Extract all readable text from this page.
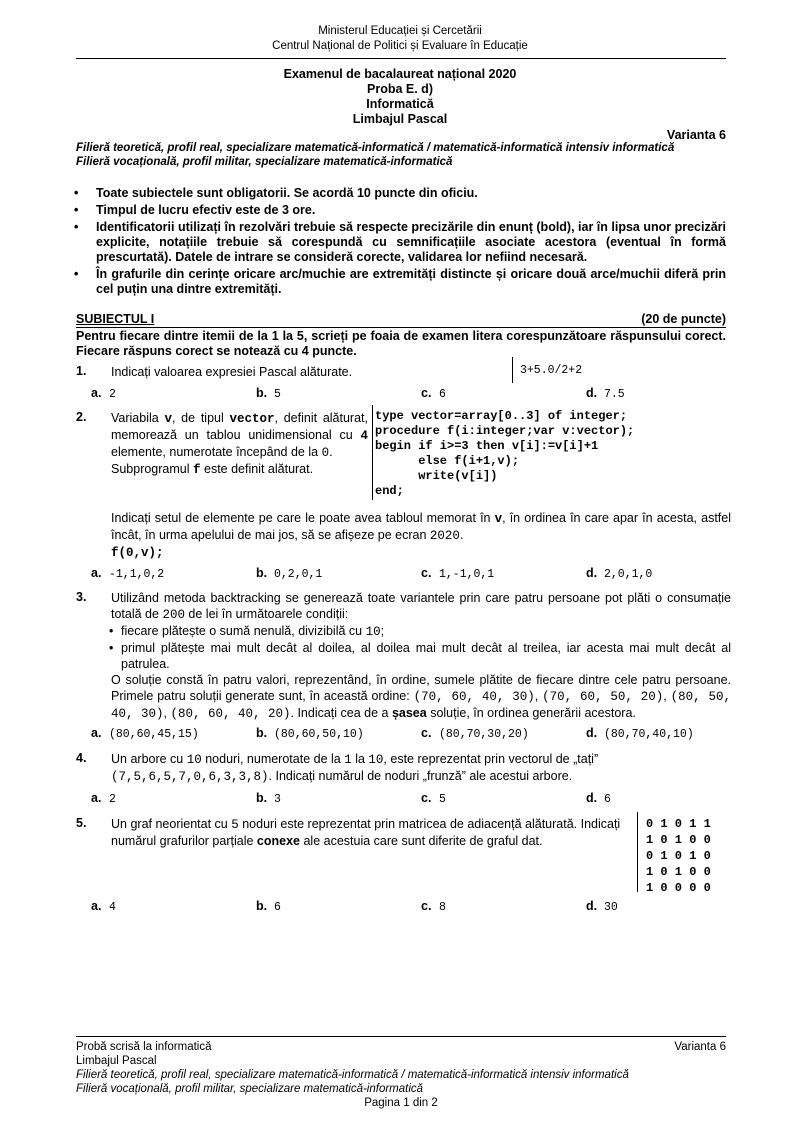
Ministerul Educației și Cercetării
Centrul Național de Politici și Evaluare în Educație
Examenul de bacalaureat național 2020
Proba E. d)
Informatică
Limbajul Pascal
Varianta 6
Filieră teoretică, profil real, specializare matematică-informatică / matematică-informatică intensiv informatică
Filieră vocațională, profil militar, specializare matematică-informatică
• Toate subiectele sunt obligatorii. Se acordă 10 puncte din oficiu.
• Timpul de lucru efectiv este de 3 ore.
• Identificatorii utilizați în rezolvări trebuie să respecte precizările din enunț (bold), iar în lipsa unor precizări explicite, notațiile trebuie să corespundă cu semnificațiile asociate acestora (eventual în formă prescurtată). Datele de intrare se consideră corecte, validarea lor nefiind necesară.
• În grafurile din cerințe oricare arc/muchie are extremități distincte și oricare două arce/muchii diferă prin cel puțin una dintre extremități.
SUBIECTUL I	(20 de puncte)
Pentru fiecare dintre itemii de la 1 la 5, scrieți pe foaia de examen litera corespunzătoare răspunsului corect. Fiecare răspuns corect se notează cu 4 puncte.
1. Indicați valoarea expresiei Pascal alăturate.	3+5.0/2+2
a. 2	b. 5	c. 6	d. 7.5
2. Variabila v, de tipul vector, definit alăturat, memorează un tablou unidimensional cu 4 elemente, numerotate începând de la 0.
Subprogramul f este definit alăturat.
type vector=array[0..3] of integer;
procedure f(i:integer;var v:vector);
begin if i>=3 then v[i]:=v[i]+1
else f(i+1,v);
write(v[i])
end;
Indicați setul de elemente pe care le poate avea tabloul memorat în v, în ordinea în care apar în acesta, astfel încât, în urma apelului de mai jos, să se afișeze pe ecran 2020.
f(0,v);
a. -1,1,0,2	b. 0,2,0,1	c. 1,-1,0,1	d. 2,0,1,0
3. Utilizând metoda backtracking se generează toate variantele prin care patru persoane pot plăti o consumație totală de 200 de lei în următoarele condiții:
• fiecare plătește o sumă nenulă, divizibilă cu 10;
• primul plătește mai mult decât al doilea, al doilea mai mult decât al treilea, iar acesta mai mult decât al patrulea.
O soluție constă în patru valori, reprezentând, în ordine, sumele plătite de fiecare dintre cele patru persoane. Primele patru soluții generate sunt, în această ordine: (70, 60, 40, 30), (70, 60, 50, 20), (80, 50, 40, 30), (80, 60, 40, 20). Indicați cea de a șasea soluție, în ordinea generării acestora.
a. (80,60,45,15)	b. (80,60,50,10)	c. (80,70,30,20)	d. (80,70,40,10)
4. Un arbore cu 10 noduri, numerotate de la 1 la 10, este reprezentat prin vectorul de „tați”
(7,5,6,5,7,0,6,3,3,8). Indicați numărul de noduri „frunză” ale acestui arbore.
a. 2	b. 3	c. 5	d. 6
5. Un graf neorientat cu 5 noduri este reprezentat prin matricea de adiacență alăturată. Indicați numărul grafurilor parțiale conexe ale acestuia care sunt diferite de graful dat.
0 1 0 1 1
1 0 1 0 0
0 1 0 1 0
1 0 1 0 0
1 0 0 0 0
a. 4	b. 6	c. 8	d. 30
Probă scrisă la informatică	Varianta 6
Limbajul Pascal
Filieră teoretică, profil real, specializare matematică-informatică / matematică-informatică intensiv informatică
Filieră vocațională, profil militar, specializare matematică-informatică
Pagina 1 din 2
